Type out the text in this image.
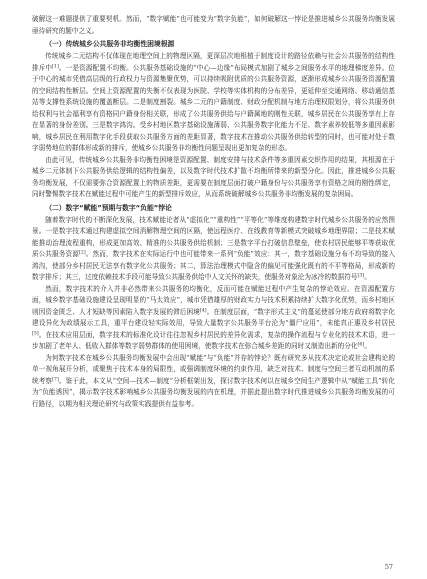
破解这一难题提供了重要契机。然而，“数字赋能”也可能变为“数字负能”，如何破解这一悖论是推进城乡公共服务均衡发展亟待研究的题中之义。

（一）传统城乡公共服务非均衡性困境根源

传统城乡二元结构不仅体现在地理空间上的物理区隔，更深层次地根植于制度设计的路径依赖与社会公共服务的结构性排斥中[1]。一是资源配置不均衡。公共服务基础设施的“中心—边缘”布局模式加剧了城乡之间服务水平的地理梯度差异。位于中心的城市凭借高层级的行政权力与资源集聚优势，可以持续吸附优质的公共服务资源，逐渐形成城乡公共服务资源配置的空间结构性断层。空间上资源配置的失衡不仅表现为医院、学校等实体机构的分布差异，更延伸至交通网络、移动通信基站等支撑性系统设施的覆盖断层。二是制度割裂。城乡二元的户籍制度、财政分配机制与地方治理权限划分，将公共服务供给权利与社会福利享有资格同户籍身份相关联，形成了公共服务供给与户籍属地的刚性关联，城乡居民在公共服务享有上存在显著的身份差别。三是数字鸿沟。受乡村地区数字基础设施薄弱、公共服务数字化能力不足、数字素养较低等多重因素影响，城乡居民在利用数字化手段获取公共服务方面的差距显著，数字技术在推动公共服务供给转型的同时，也可能对处于数字弱势地位的群体形成新的排斥，使城乡公共服务非均衡性问题呈现出更加复杂的形态。

由此可见，传统城乡公共服务非均衡性困境是资源配置、制度安排与技术条件等多重因素交织作用的结果，其根源在于城乡二元体制下公共服务供给逻辑的结构性偏差，以及数字时代技术扩散不均衡所带来的新型分化。因此，推进城乡公共服务均衡发展，不仅需要弥合资源配置上的物质差距，更需要在制度层面打破户籍身份与公共服务享有资格之间的刚性绑定，同时警惕数字技术在赋能过程中可能产生的新型排斥效应，从而系统破解城乡公共服务非均衡发展的复杂困局。

（二）数字“赋能”预期与数字“负能”悖论

随着数字时代的不断深化发展，技术赋能论者从“虚拟化”“重构性”“平等化”等维度构建数字时代城乡公共服务的应然图景。一是数字技术通过构建虚拟空间消解物理空间的区隔，使远程医疗、在线教育等新模式突破城乡地理界限；二是技术赋能推动治理流程重构，形成更加高效、精准的公共服务供给机制；三是数字平台打破信息壁垒，使农村居民能够平等获取优质公共服务资源[2]。然而，数字技术在实际运行中也可能带来一系列“负能”效应：其一，数字基础设施分布不均导致的接入鸿沟，使部分乡村居民无法享有数字化公共服务；其二，算法治理模式中隐含的偏见可能强化既有的不平等格局，形成新的数字排斥；其三，过度依赖技术手段可能导致公共服务供给中人文关怀的缺失，使服务对象沦为冰冷的数据符号[3]。

然而，数字技术的介入并非必然带来公共服务的均衡化，反而可能在赋能过程中产生复杂的悖论效应。在资源配置方面，城乡数字基础设施建设呈现明显的“马太效应”，城市凭借雄厚的财政实力与技术积累持续扩大数字化优势，而乡村地区则因资金匮乏、人才短缺等因素陷入数字发展的滞后困境[4]。在制度层面，“数字形式主义”的蔓延使部分地方政府将数字化建设异化为政绩展示工具，重平台建设轻实际效用，导致大量数字公共服务平台沦为“僵尸应用”，未能真正惠及乡村居民[5]。在技术应用层面，数字技术的标准化设计往往忽视乡村居民的差异化需求，复杂的操作流程与专业化的技术术语，进一步加剧了老年人、低收入群体等数字弱势群体的使用困境，使数字技术在弥合城乡差距的同时又制造出新的分化[6]。

为何数字技术在城乡公共服务均衡发展中会出现“赋能”与“负能”并存的悖论？既有研究多从技术决定论或社会建构论的单一视角展开分析，或聚焦于技术本身的局限性，或强调制度环境的约束作用，缺乏对技术、制度与空间三者互动机制的系统考察[7]。鉴于此，本文从“空间—技术—制度”分析框架出发，探讨数字技术何以在城乡空间生产逻辑中从“赋能工具”转化为“负能诱因”，揭示数字技术影响城乡公共服务均衡发展的内在机理，并据此提出数字时代推进城乡公共服务均衡发展的可行路径，以期为相关理论研究与政策实践提供有益参考。

57
